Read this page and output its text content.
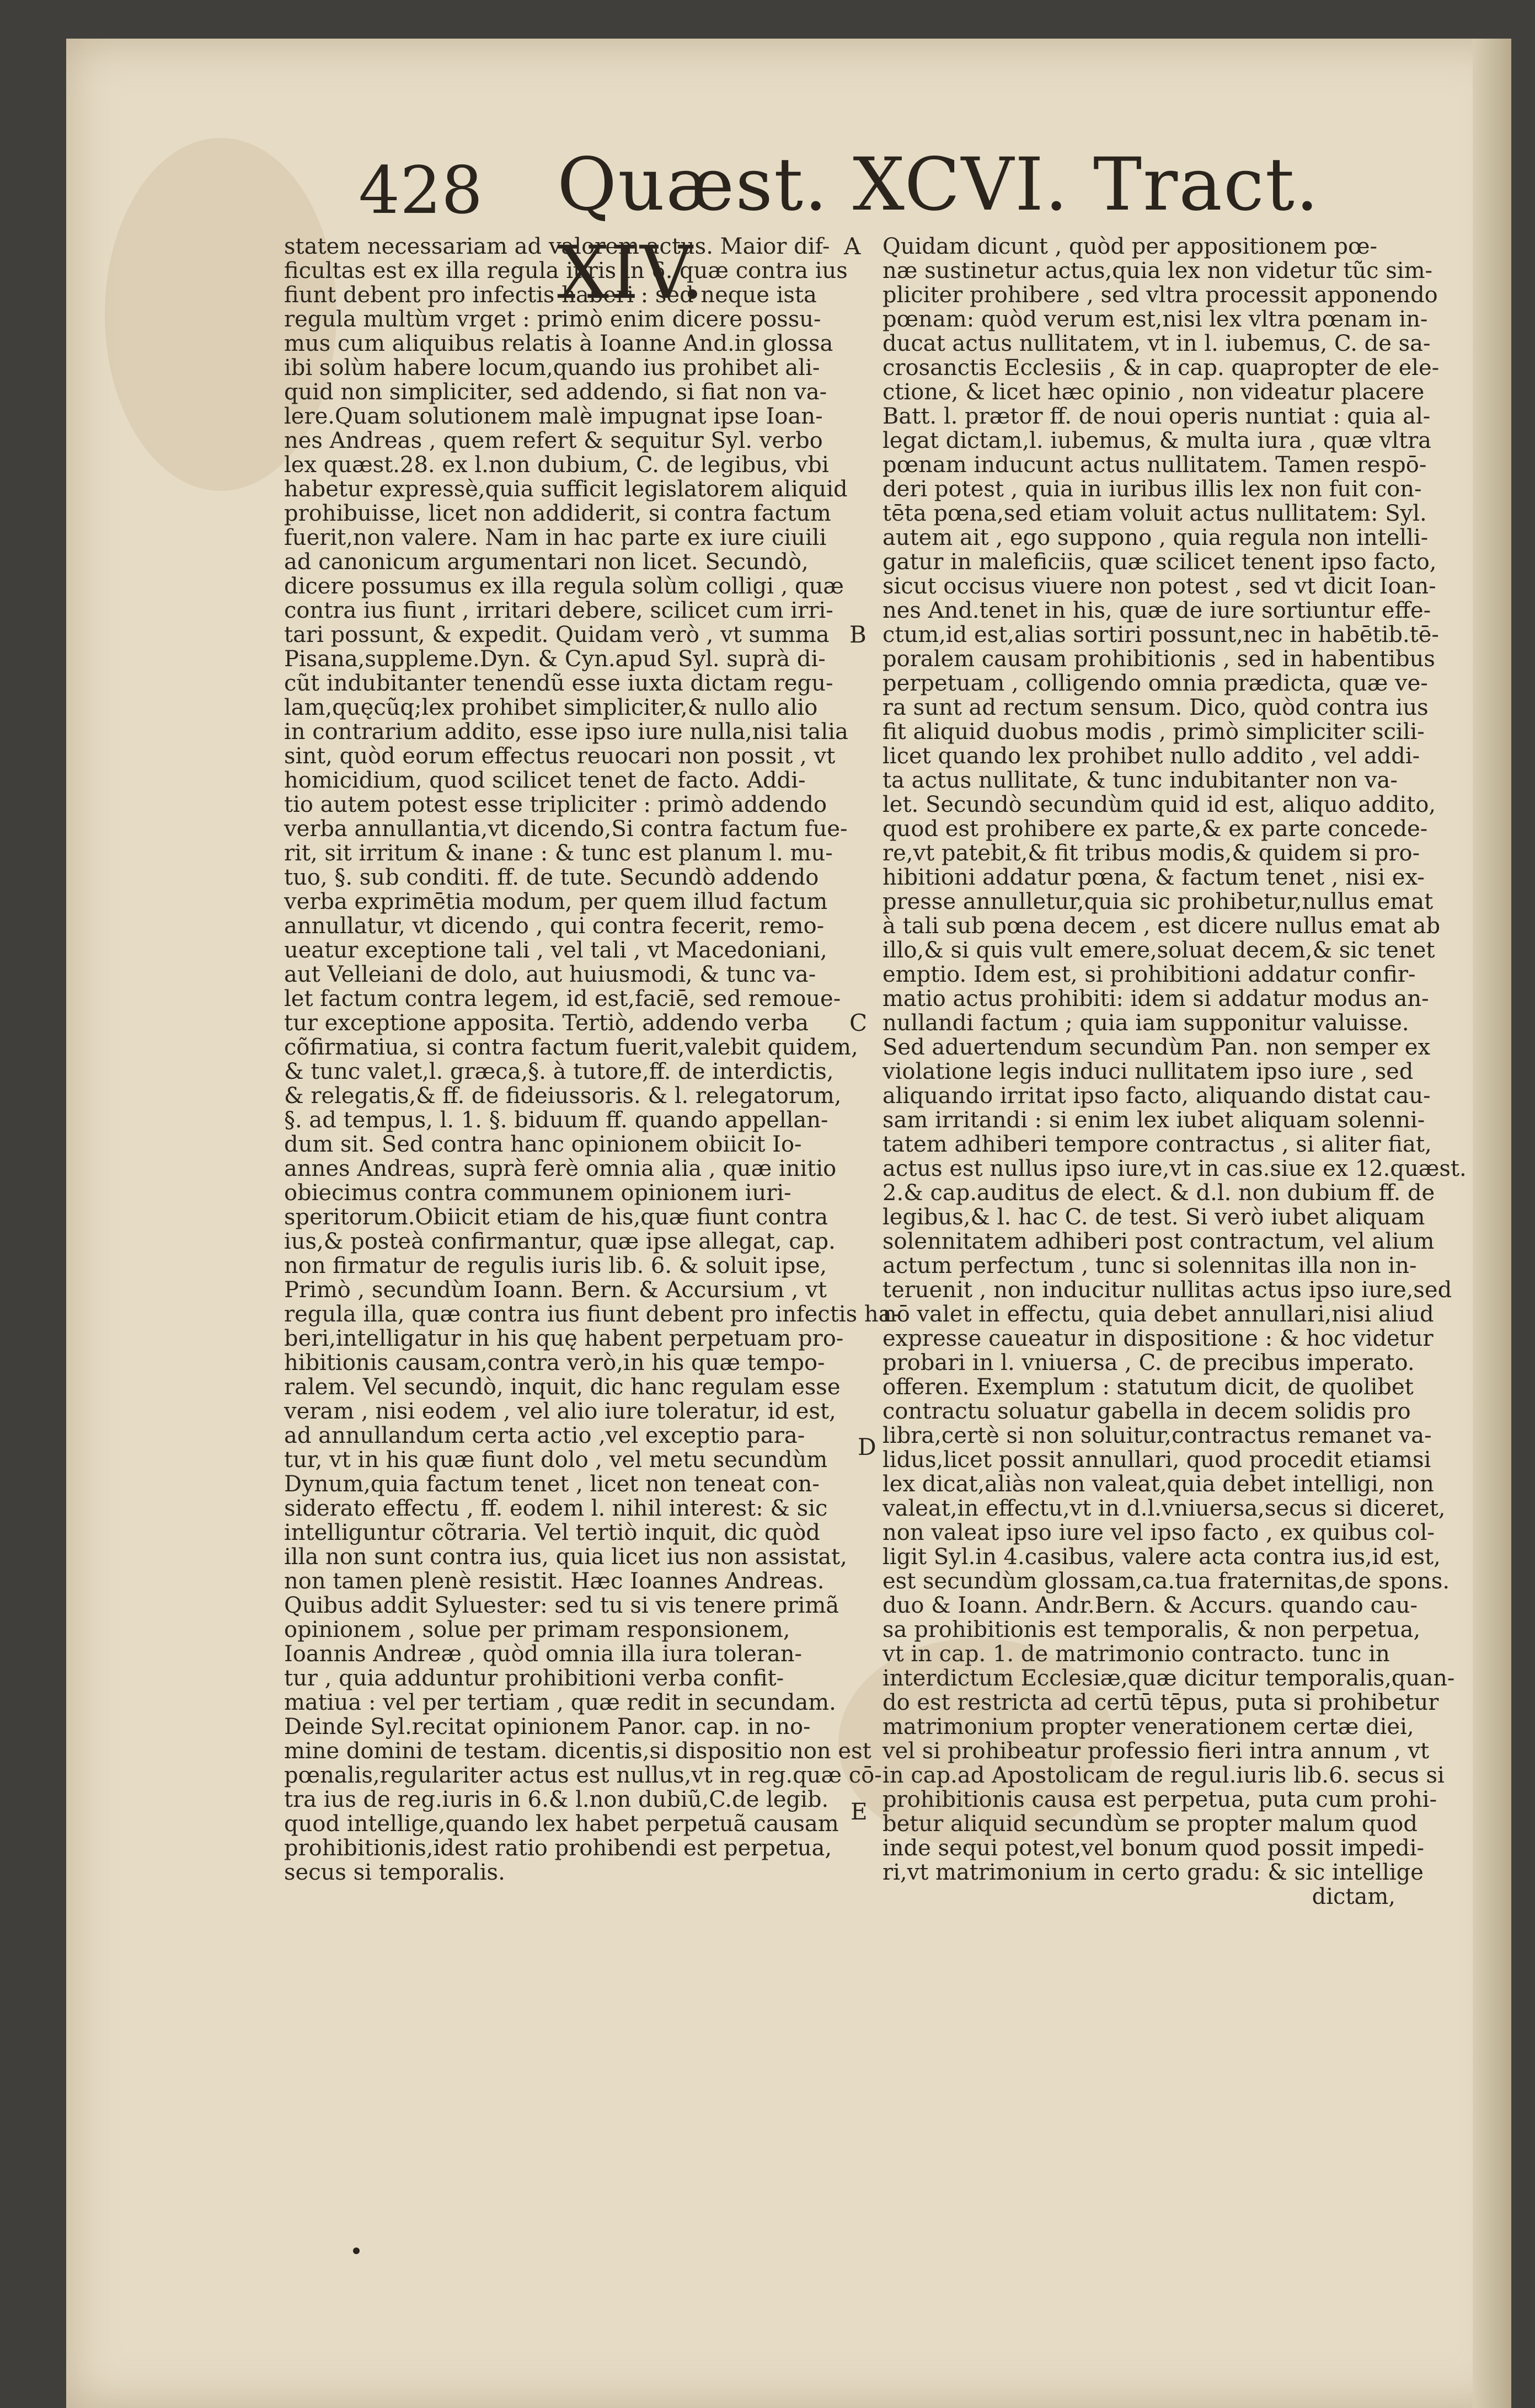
428 Quæst. XCVI. Tract. XIV.
statem necessariam ad valorem actus. Maior dif-
ficultas est ex illa regula iuris in 6. quæ contra ius
fiunt debent pro infectis haberi : sed neque ista
regula multùm vrget : primò enim dicere possu-
mus cum aliquibus relatis à Ioanne And.in glossa
ibi solùm habere locum,quando ius prohibet ali-
quid non simpliciter, sed addendo, si fiat non va-
lere.Quam solutionem malè impugnat ipse Ioan-
nes Andreas , quem refert & sequitur Syl. verbo
lex quæst.28. ex l.non dubium, C. de legibus, vbi
habetur expressè,quia sufficit legislatorem aliquid
prohibuisse, licet non addiderit, si contra factum
fuerit,non valere. Nam in hac parte ex iure ciuili
ad canonicum argumentari non licet. Secundò,
dicere possumus ex illa regula solùm colligi , quæ
contra ius fiunt , irritari debere, scilicet cum irri-
tari possunt, & expedit. Quidam verò , vt summa
Pisana,suppleme.Dyn. & Cyn.apud Syl. suprà di-
cũt indubitanter tenendũ esse iuxta dictam regu-
lam,quęcũq;lex prohibet simpliciter,& nullo alio
in contrarium addito, esse ipso iure nulla,nisi talia
sint, quòd eorum effectus reuocari non possit , vt
homicidium, quod scilicet tenet de facto. Addi-
tio autem potest esse tripliciter : primò addendo
verba annullantia,vt dicendo,Si contra factum fue-
rit, sit irritum & inane : & tunc est planum l. mu-
tuo, §. sub conditi. ff. de tute. Secundò addendo
verba exprimētia modum, per quem illud factum
annullatur, vt dicendo , qui contra fecerit, remo-
ueatur exceptione tali , vel tali , vt Macedoniani,
aut Velleiani de dolo, aut huiusmodi, & tunc va-
let factum contra legem, id est,faciē, sed remoue-
tur exceptione apposita. Tertiò, addendo verba
cõfirmatiua, si contra factum fuerit,valebit quidem,
& tunc valet,l. græca,§. à tutore,ff. de interdictis,
& relegatis,& ff. de fideiussoris. & l. relegatorum,
§. ad tempus, l. 1. §. biduum ff. quando appellan-
dum sit. Sed contra hanc opinionem obiicit Io-
annes Andreas, suprà ferè omnia alia , quæ initio
obiecimus contra communem opinionem iuri-
speritorum.Obiicit etiam de his,quæ fiunt contra
ius,& posteà confirmantur, quæ ipse allegat, cap.
non firmatur de regulis iuris lib. 6. & soluit ipse,
Primò , secundùm Ioann. Bern. & Accursium , vt
regula illa, quæ contra ius fiunt debent pro infectis ha-
beri,intelligatur in his quę habent perpetuam pro-
hibitionis causam,contra verò,in his quæ tempo-
ralem. Vel secundò, inquit, dic hanc regulam esse
veram , nisi eodem , vel alio iure toleratur, id est,
ad annullandum certa actio ,vel exceptio para-
tur, vt in his quæ fiunt dolo , vel metu secundùm
Dynum,quia factum tenet , licet non teneat con-
siderato effectu , ff. eodem l. nihil interest: & sic
intelliguntur cõtraria. Vel tertiò inquit, dic quòd
illa non sunt contra ius, quia licet ius non assistat,
non tamen plenè resistit. Hæc Ioannes Andreas.
Quibus addit Syluester: sed tu si vis tenere primã
opinionem , solue per primam responsionem,
Ioannis Andreæ , quòd omnia illa iura toleran-
tur , quia adduntur prohibitioni verba confit-
matiua : vel per tertiam , quæ redit in secundam.
Deinde Syl.recitat opinionem Panor. cap. in no-
mine domini de testam. dicentis,si dispositio non est
pœnalis,regulariter actus est nullus,vt in reg.quæ cō-
tra ius de reg.iuris in 6.& l.non dubiũ,C.de legib.
quod intellige,quando lex habet perpetuã causam
prohibitionis,idest ratio prohibendi est perpetua,
secus si temporalis.
Quidam dicunt , quòd per appositionem pœ-
næ sustinetur actus,quia lex non videtur tũc sim-
pliciter prohibere , sed vltra processit apponendo
pœnam: quòd verum est,nisi lex vltra pœnam in-
ducat actus nullitatem, vt in l. iubemus, C. de sa-
crosanctis Ecclesiis , & in cap. quapropter de ele-
ctione, & licet hæc opinio , non videatur placere
Batt. l. prætor ff. de noui operis nuntiat : quia al-
legat dictam,l. iubemus, & multa iura , quæ vltra
pœnam inducunt actus nullitatem. Tamen respō-
deri potest , quia in iuribus illis lex non fuit con-
tēta pœna,sed etiam voluit actus nullitatem: Syl.
autem ait , ego suppono , quia regula non intelli-
gatur in maleficiis, quæ scilicet tenent ipso facto,
sicut occisus viuere non potest , sed vt dicit Ioan-
nes And.tenet in his, quæ de iure sortiuntur effe-
ctum,id est,alias sortiri possunt,nec in habētib.tē-
poralem causam prohibitionis , sed in habentibus
perpetuam , colligendo omnia prædicta, quæ ve-
ra sunt ad rectum sensum. Dico, quòd contra ius
fit aliquid duobus modis , primò simpliciter scili-
licet quando lex prohibet nullo addito , vel addi-
ta actus nullitate, & tunc indubitanter non va-
let. Secundò secundùm quid id est, aliquo addito,
quod est prohibere ex parte,& ex parte concede-
re,vt patebit,& fit tribus modis,& quidem si pro-
hibitioni addatur pœna, & factum tenet , nisi ex-
presse annulletur,quia sic prohibetur,nullus emat
à tali sub pœna decem , est dicere nullus emat ab
illo,& si quis vult emere,soluat decem,& sic tenet
emptio. Idem est, si prohibitioni addatur confir-
matio actus prohibiti: idem si addatur modus an-
nullandi factum ; quia iam supponitur valuisse.
Sed aduertendum secundùm Pan. non semper ex
violatione legis induci nullitatem ipso iure , sed
aliquando irritat ipso facto, aliquando distat cau-
sam irritandi : si enim lex iubet aliquam solenni-
tatem adhiberi tempore contractus , si aliter fiat,
actus est nullus ipso iure,vt in cas.siue ex 12.quæst.
2.& cap.auditus de elect. & d.l. non dubium ff. de
legibus,& l. hac C. de test. Si verò iubet aliquam
solennitatem adhiberi post contractum, vel alium
actum perfectum , tunc si solennitas illa non in-
teruenit , non inducitur nullitas actus ipso iure,sed
nō valet in effectu, quia debet annullari,nisi aliud
expresse caueatur in dispositione : & hoc videtur
probari in l. vniuersa , C. de precibus imperato.
offeren. Exemplum : statutum dicit, de quolibet
contractu soluatur gabella in decem solidis pro
libra,certè si non soluitur,contractus remanet va-
lidus,licet possit annullari, quod procedit etiamsi
lex dicat,aliàs non valeat,quia debet intelligi, non
valeat,in effectu,vt in d.l.vniuersa,secus si diceret,
non valeat ipso iure vel ipso facto , ex quibus col-
ligit Syl.in 4.casibus, valere acta contra ius,id est,
est secundùm glossam,ca.tua fraternitas,de spons.
duo & Ioann. Andr.Bern. & Accurs. quando cau-
sa prohibitionis est temporalis, & non perpetua,
vt in cap. 1. de matrimonio contracto. tunc in
interdictum Ecclesiæ,quæ dicitur temporalis,quan-
do est restricta ad certū tēpus, puta si prohibetur
matrimonium propter venerationem certæ diei,
vel si prohibeatur professio fieri intra annum , vt
in cap.ad Apostolicam de regul.iuris lib.6. secus si
prohibitionis causa est perpetua, puta cum prohi-
betur aliquid secundùm se propter malum quod
inde sequi potest,vel bonum quod possit impedi-
ri,vt matrimonium in certo gradu: & sic intellige
dictam,
A
B
C
D
E
